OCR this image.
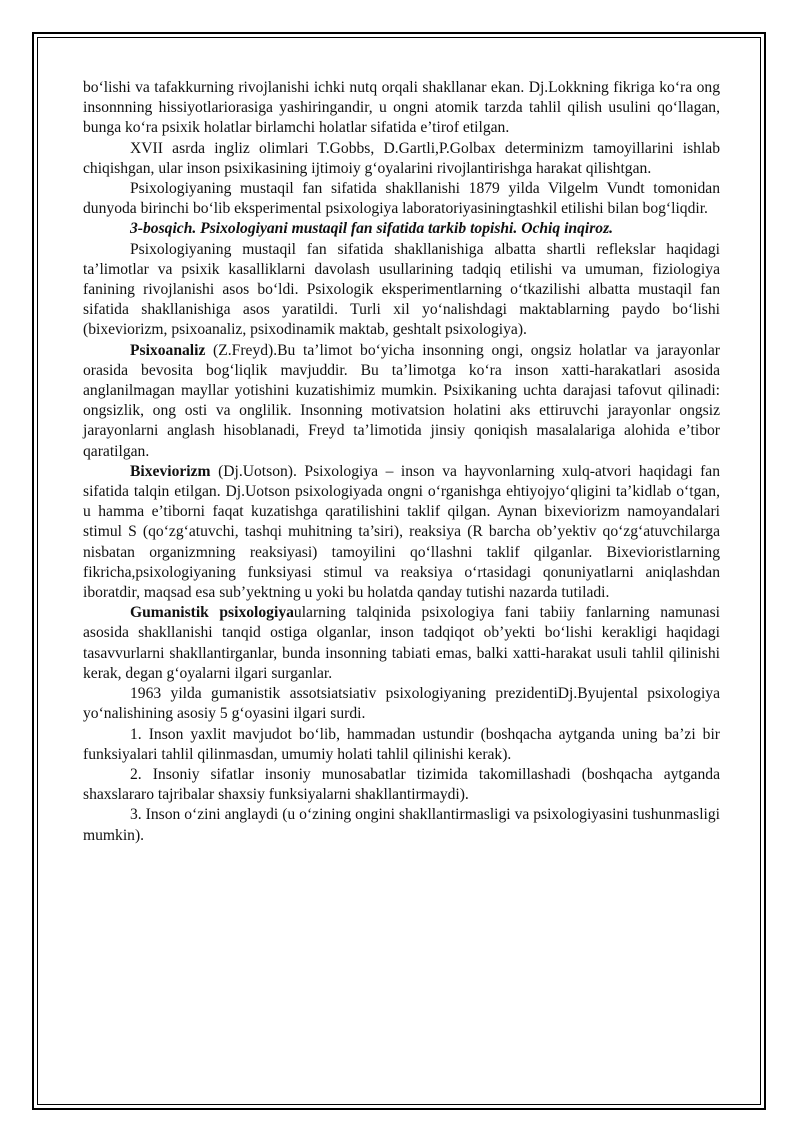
bo‘lishi va tafakkurning rivojlanishi ichki nutq orqali shakllanar ekan. Dj.Lokkning fikriga ko‘ra ong insonnning hissiyotlariorasiga yashiringandir, u ongni atomik tarzda tahlil qilish usulini qo‘llagan, bunga ko‘ra psixik holatlar birlamchi holatlar sifatida e’tirof etilgan.

XVII asrda ingliz olimlari T.Gobbs, D.Gartli,P.Golbax determinizm tamoyillarini ishlab chiqishgan, ular inson psixikasining ijtimoiy g‘oyalarini rivojlantirishga harakat qilishtgan.

Psixologiyaning mustaqil fan sifatida shakllanishi 1879 yilda Vilgelm Vundt tomonidan dunyoda birinchi bo‘lib eksperimental psixologiya laboratoriyasiningtashkil etilishi bilan bog‘liqdir.

3-bosqich. Psixologiyani mustaqil fan sifatida tarkib topishi. Ochiq inqiroz.

Psixologiyaning mustaqil fan sifatida shakllanishiga albatta shartli reflekslar haqidagi ta’limotlar va psixik kasalliklarni davolash usullarining tadqiq etilishi va umuman, fiziologiya fanining rivojlanishi asos bo‘ldi. Psixologik eksperimentlarning o‘tkazilishi albatta mustaqil fan sifatida shakllanishiga asos yaratildi. Turli xil yo‘nalishdagi maktablarning paydo bo‘lishi (bixeviorizm, psixoanaliz, psixodinamik maktab, geshtalt psixologiya).

Psixoanaliz (Z.Freyd).Bu ta’limot bo‘yicha insonning ongi, ongsiz holatlar va jarayonlar orasida bevosita bog‘liqlik mavjuddir. Bu ta’limotga ko‘ra inson xatti-harakatlari asosida anglanilmagan mayllar yotishini kuzatishimiz mumkin. Psixikaning uchta darajasi tafovut qilinadi: ongsizlik, ong osti va onglilik. Insonning motivatsion holatini aks ettiruvchi jarayonlar ongsiz jarayonlarni anglash hisoblanadi, Freyd ta’limotida jinsiy qoniqish masalalariga alohida e’tibor qaratilgan.

Bixeviorizm (Dj.Uotson). Psixologiya – inson va hayvonlarning xulq-atvori haqidagi fan sifatida talqin etilgan. Dj.Uotson psixologiyada ongni o‘rganishga ehtiyojyo‘qligini ta’kidlab o‘tgan, u hamma e’tiborni faqat kuzatishga qaratilishini taklif qilgan. Aynan bixeviorizm namoyandalari stimul S (qo‘zg‘atuvchi, tashqi muhitning ta’siri), reaksiya (R barcha ob’yektiv qo‘zg‘atuvchilarga nisbatan organizmning reaksiyasi) tamoyilini qo‘llashni taklif qilganlar. Bixevioristlarning fikricha,psixologiyaning funksiyasi stimul va reaksiya o‘rtasidagi qonuniyatlarni aniqlashdan iboratdir, maqsad esa sub’yektning u yoki bu holatda qanday tutishi nazarda tutiladi.

Gumanistik psixologiyaularning talqinida psixologiya fani tabiiy fanlarning namunasi asosida shakllanishi tanqid ostiga olganlar, inson tadqiqot ob’yekti bo‘lishi kerakligi haqidagi tasavvurlarni shakllantirganlar, bunda insonning tabiati emas, balki xatti-harakat usuli tahlil qilinishi kerak, degan g‘oyalarni ilgari surganlar.

1963 yilda gumanistik assotsiatsiativ psixologiyaning prezidentiDj.Byujental psixologiya yo‘nalishining asosiy 5 g‘oyasini ilgari surdi.

1. Inson yaxlit mavjudot bo‘lib, hammadan ustundir (boshqacha aytganda uning ba’zi bir funksiyalari tahlil qilinmasdan, umumiy holati tahlil qilinishi kerak).

2. Insoniy sifatlar insoniy munosabatlar tizimida takomillashadi (boshqacha aytganda shaxslararo tajribalar shaxsiy funksiyalarni shakllantirmaydi).

3. Inson o‘zini anglaydi (u o‘zining ongini shakllantirmasligi va psixologiyasini tushunmasligi mumkin).
